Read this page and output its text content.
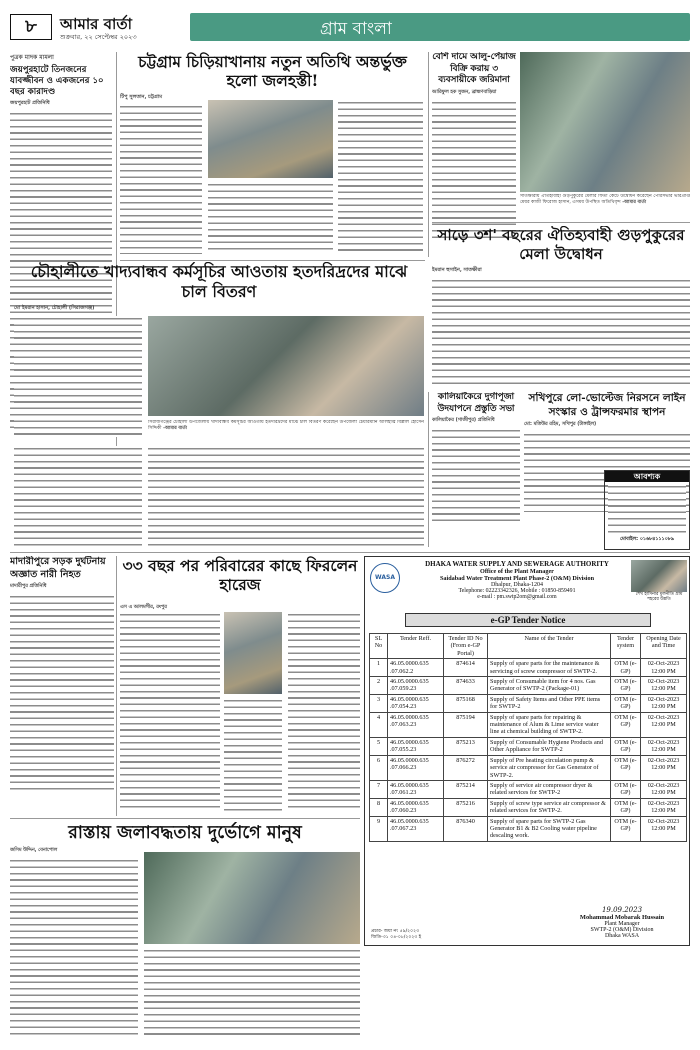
৮	আমার বার্তা
শুক্রবার, ২২ সেপ্টেম্বর ২০২৩	গ্রাম বাংলা
পুত্রক মাদক মামলা
জয়পুরহাটে তিনজনের যাবজ্জীবন ও একজনের ১০ বছর কারাদণ্ড
জয়পুরহাট প্রতিনিধি
চট্টগ্রাম চিড়িয়াখানায় নতুন অতিথি অন্তর্ভুক্ত হলো জলহস্তী!
টিপু সুলতান, চট্টগ্রাম
বেশি দামে আলু-পেঁয়াজ বিক্রি করায় ৩ ব্যবসায়ীকে জরিমানা
আরিফুল হক সুজন, ব্রাহ্মণবাড়িয়া
সাতক্ষীরায় ঐতিহ্যবাহী গুড়পুকুরের মেলার ফিতা কেটে উদ্বোধন করেছেন পৌরসভার ভারপ্রাপ্ত মেয়র কাজী ফিরোজ হাসান, এসময় উপস্থিত অতিথিবৃন্দ -আমার বার্তা
সাড়ে ৩শ' বছরের ঐতিহ্যবাহী গুড়পুকুরের মেলা উদ্বোধন
ইমরান হুসাইন, সাতক্ষীরা
চৌহালীতে খাদ্যবান্ধব কর্মসূচির আওতায় হতদরিদ্রদের মাঝে চাল বিতরণ
মো ইমরান হাসান, চৌহালী (সিরাজগঞ্জ)
কালিয়াকৈরে দুর্গাপূজা উদযাপনে প্রস্তুতি সভা
কালিয়াকৈর (গাজীপুর) প্রতিনিধি
সিরাজগঞ্জের চৌহালী উপজেলায় খাদ্যবান্ধব কর্মসূচির আওতায় হতদরিদ্রদের মাঝে চাল বিতরণ করেছেন উপজেলা চেয়ারম্যান আলহাজ্ব বিল্লাল হোসেন সিদ্দিকী -আমার বার্তা
সখিপুরে লো-ভোল্টেজ নিরসনে লাইন সংস্কার ও ট্রান্সফরমার স্থাপন
মো: মতিউর রহিম, সখিপুর (টাঙ্গাইল)
আবশ্যক
মোবাইল: ০১৬৮৪১১১০৮৯
মাদারীপুরে সড়ক দুর্ঘটনায় অজ্ঞাত নারী নিহত
মাদারীপুর প্রতিনিধি
৩৩ বছর পর পরিবারের কাছে ফিরলেন হারেজ
এস এ আলমগীর, রংপুর
WASA
DHAKA WATER SUPPLY AND SEWERAGE AUTHORITY
Office of the Plant Manager
Saidabad Water Treatment Plant Phase-2 (O&M) Division
Dhalpur, Dhaka-1204
Telephone: 02223342326, Mobile : 01850-859491
e-mail : pm.swtp2om@gmail.com	শেখ হাসিনার মূলনীতি গ্রাম শহরের উন্নতি
e-GP Tender Notice
SL No	Tender Reff.	Tender ID No (From e-GP Portal)	Name of the Tender	Tender system	Opening Date and Time
1	46.05.0000.635 .07.062.2	874614	Supply of spare parts for the maintenance & servicing of screw compressor of SWTP-2.	OTM (e- GP)	02-Oct-2023 12:00 PM
2	46.05.0000.635 .07.059.23	874633	Supply of Consumable item for 4 nos. Gas Generator of SWTP-2 (Package-01)	OTM (e- GP)	02-Oct-2023 12:00 PM
3	46.05.0000.635 .07.054.23	875168	Supply of Safety Items and Other PPE items for SWTP-2	OTM (e- GP)	02-Oct-2023 12:00 PM
4	46.05.0000.635 .07.063.23	875194	Supply of spare parts for repairing & maintenance of Alum & Lime service water line at chemical building of SWTP-2.	OTM (e- GP)	02-Oct-2023 12:00 PM
5	46.05.0000.635 .07.055.23	875213	Supply of Consumable Hygiene Products and Other Appliance for SWTP-2	OTM (e- GP)	02-Oct-2023 12:00 PM
6	46.05.0000.635 .07.066.23	876272	Supply of Pre heating circulation pump & service air compressor for Gas Generator of SWTP-2.	OTM (e- GP)	02-Oct-2023 12:00 PM
7	46.05.0000.635 .07.061.23	875214	Supply of service air compressor dryer & related services for SWTP-2	OTM (e- GP)	02-Oct-2023 12:00 PM
8	46.05.0000.635 .07.060.23	875216	Supply of screw type service air compressor & related services for SWTP-2.	OTM (e- GP)	02-Oct-2023 12:00 PM
9	46.05.0000.635 .07.067.23	876340	Supply of spare parts for SWTP-2 Gas Generator B1 & B2 Cooling water pipeline descaling work.	OTM (e- GP)	02-Oct-2023 12:00 PM
19.09.2023
Mohammad Mobarak Hussain
Plant Manager
SWTP-2 (O&M) Division
Dhaka WASA
প্রচার- জয়া নং ৫৯/২০২৩
জিডি-৩১ ০৪-০৮/২০২৩ ই
রাস্তায় জলাবদ্ধতায় দুর্ভোগে মানুষ
জসিম উদ্দিন, বেনাপোল
